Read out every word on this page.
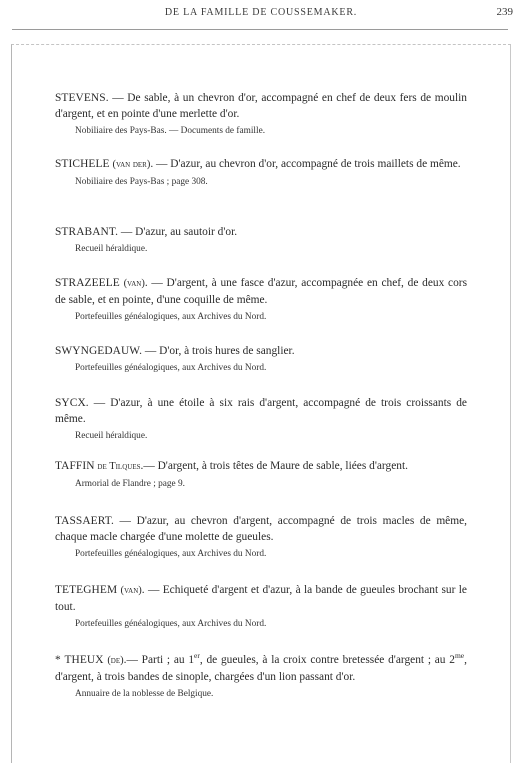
DE LA FAMILLE DE COUSSEMAKER.	239

STEVENS. — De sable, à un chevron d'or, accompagné en chef de deux fers de moulin d'argent, et en pointe d'une merlette d'or.

Nobiliaire des Pays-Bas. — Documents de famille.

STICHELE (van der). — D'azur, au chevron d'or, accompagné de trois maillets de même.

Nobiliaire des Pays-Bas ; page 308.

STRABANT. — D'azur, au sautoir d'or.

Recueil héraldique.

STRAZEELE (van). — D'argent, à une fasce d'azur, accompagnée en chef, de deux cors de sable, et en pointe, d'une coquille de même.

Portefeuilles généalogiques, aux Archives du Nord.

SWYNGEDAUW. — D'or, à trois hures de sanglier.

Portefeuilles généalogiques, aux Archives du Nord.

SYCX. — D'azur, à une étoile à six rais d'argent, accompagné de trois croissants de même.

Recueil héraldique.

TAFFIN de Tilques.— D'argent, à trois têtes de Maure de sable, liées d'argent.

Armorial de Flandre ; page 9.

TASSAERT. — D'azur, au chevron d'argent, accompagné de trois macles de même, chaque macle chargée d'une molette de gueules.

Portefeuilles généalogiques, aux Archives du Nord.

TETEGHEM (van). — Echiqueté d'argent et d'azur, à la bande de gueules brochant sur le tout.

Portefeuilles généalogiques, aux Archives du Nord.

* THEUX (de).— Parti ; au 1er, de gueules, à la croix contre bretessée d'argent ; au $2^{me}$, d'argent, à trois bandes de sinople, chargées d'un lion passant d'or.

Annuaire de la noblesse de Belgique.
